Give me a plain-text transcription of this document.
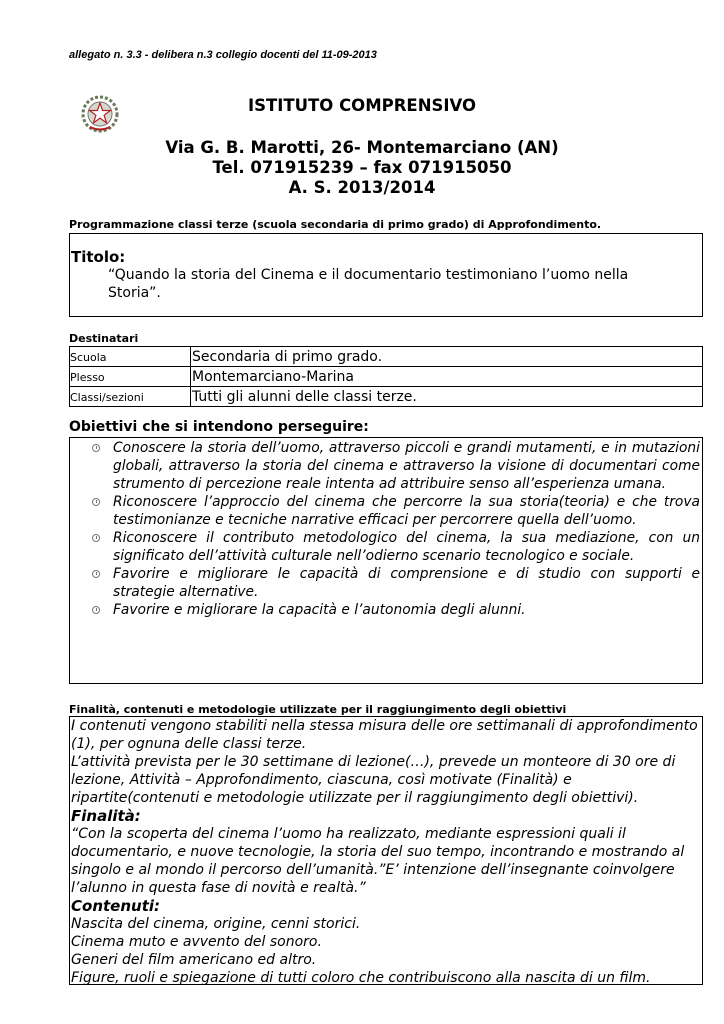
allegato n. 3.3 - delibera n.3 collegio docenti del 11-09-2013
ISTITUTO COMPRENSIVO
Via G. B. Marotti, 26- Montemarciano (AN)
Tel. 071915239 – fax 071915050
A. S. 2013/2014
Programmazione classi terze (scuola secondaria di primo grado) di Approfondimento.
Titolo:
“Quando la storia del Cinema e il documentario testimoniano l’uomo nella Storia”.
Destinatari
Scuola	Secondaria di primo grado.
Plesso	Montemarciano-Marina
Classi/sezioni	Tutti gli alunni delle classi terze.
Obiettivi che si intendono perseguire:
Conoscere la storia dell’uomo, attraverso piccoli e grandi mutamenti, e in mutazioni globali, attraverso la storia del cinema e attraverso la visione di documentari come strumento di percezione reale intenta ad attribuire senso all’esperienza umana.
Riconoscere l’approccio del cinema che percorre la sua storia(teoria) e che trova testimonianze e tecniche narrative efficaci per percorrere quella dell’uomo.
Riconoscere il contributo metodologico del cinema, la sua mediazione, con un significato dell’attività culturale nell’odierno scenario tecnologico e sociale.
Favorire e migliorare le capacità di comprensione e di studio con supporti e strategie alternative.
Favorire e migliorare la capacità e l’autonomia degli alunni.
Finalità, contenuti e metodologie utilizzate per il raggiungimento degli obiettivi

I contenuti vengono stabiliti nella stessa misura delle ore settimanali di approfondimento (1), per ognuna delle classi terze.

L’attività prevista per le 30 settimane di lezione(…), prevede un monteore di 30 ore di lezione, Attività – Approfondimento, ciascuna, così motivate (Finalità) e ripartite(contenuti e metodologie utilizzate per il raggiungimento degli obiettivi).

Finalità:

“Con la scoperta del cinema l’uomo ha realizzato, mediante espressioni quali il documentario, e nuove tecnologie, la storia del suo tempo, incontrando e mostrando al singolo e al mondo il percorso dell’umanità.”E’ intenzione dell’insegnante coinvolgere l’alunno in questa fase di novità e realtà.”

Contenuti:
Nascita del cinema, origine, cenni storici.
Cinema muto e avvento del sonoro.
Generi del film americano ed altro.
Figure, ruoli e spiegazione di tutti coloro che contribuiscono alla nascita di un film.
